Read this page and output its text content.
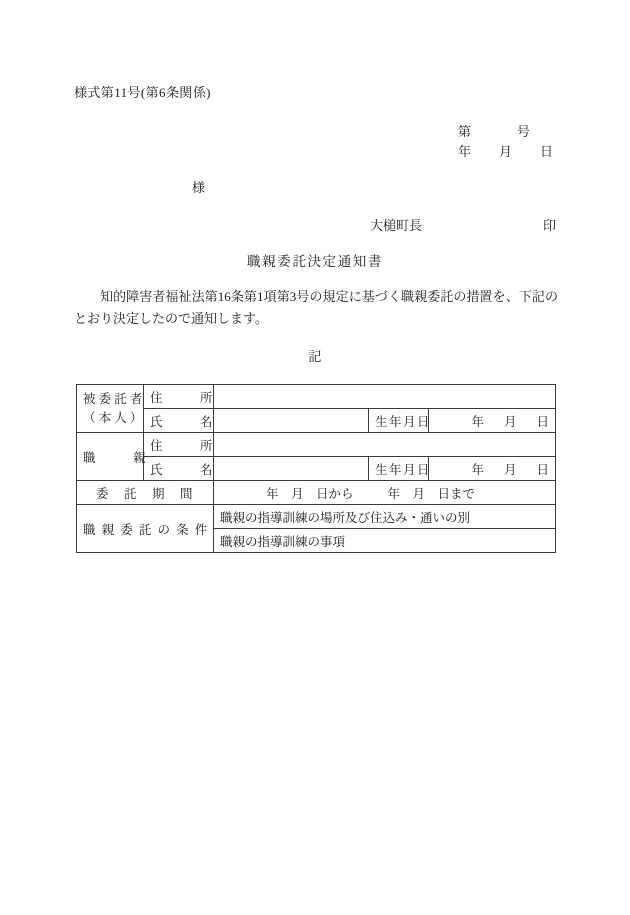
様式第11号(第6条関係)
第	号
年 月 日
様
大槌町長	印
職親委託決定通知書
知的障害者福祉法第16条第1項第3号の規定に基づく職親委託の措置を、下記のとおり決定したので通知します。
記
被 委 託 者
（ 本 人 ）	住　　　所			
	氏　　　名		生年月日	年 月 日
職　　　親	住　　　所			
	氏　　　名		生年月日	年 月 日
委　託　期　間		年　月　日から 年　月　日まで		
職 親 委 託 の 条 件		職親の指導訓練の場所及び住込み・通いの別		
		職親の指導訓練の事項		
